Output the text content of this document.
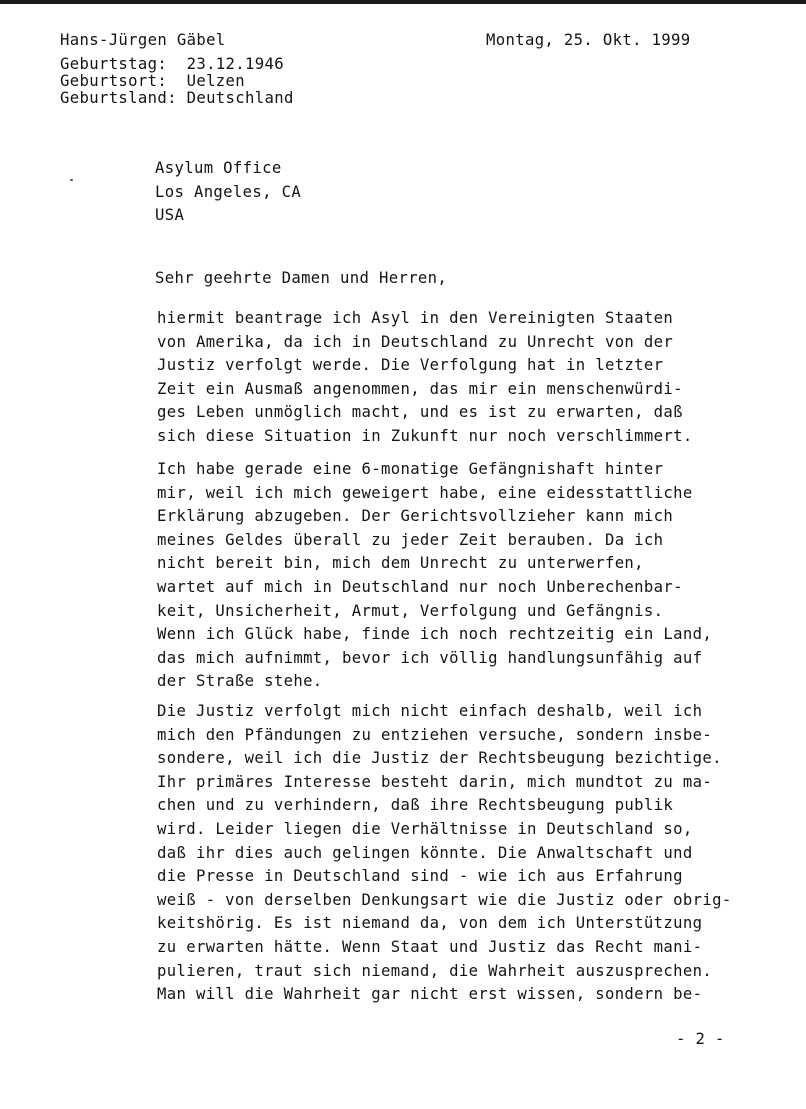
Hans-Jürgen Gäbel
Geburtstag:  23.12.1946
Geburtsort:  Uelzen
Geburtsland: Deutschland
Montag, 25. Okt. 1999
Asylum Office
Los Angeles, CA
USA
Sehr geehrte Damen und Herren,
hiermit beantrage ich Asyl in den Vereinigten Staaten
von Amerika, da ich in Deutschland zu Unrecht von der
Justiz verfolgt werde. Die Verfolgung hat in letzter
Zeit ein Ausmaß angenommen, das mir ein menschenwürdi-
ges Leben unmöglich macht, und es ist zu erwarten, daß
sich diese Situation in Zukunft nur noch verschlimmert.
Ich habe gerade eine 6-monatige Gefängnishaft hinter
mir, weil ich mich geweigert habe, eine eidesstattliche
Erklärung abzugeben. Der Gerichtsvollzieher kann mich
meines Geldes überall zu jeder Zeit berauben. Da ich
nicht bereit bin, mich dem Unrecht zu unterwerfen,
wartet auf mich in Deutschland nur noch Unberechenbar-
keit, Unsicherheit, Armut, Verfolgung und Gefängnis.
Wenn ich Glück habe, finde ich noch rechtzeitig ein Land,
das mich aufnimmt, bevor ich völlig handlungsunfähig auf
der Straße stehe.
Die Justiz verfolgt mich nicht einfach deshalb, weil ich
mich den Pfändungen zu entziehen versuche, sondern insbe-
sondere, weil ich die Justiz der Rechtsbeugung bezichtige.
Ihr primäres Interesse besteht darin, mich mundtot zu ma-
chen und zu verhindern, daß ihre Rechtsbeugung publik
wird. Leider liegen die Verhältnisse in Deutschland so,
daß ihr dies auch gelingen könnte. Die Anwaltschaft und
die Presse in Deutschland sind - wie ich aus Erfahrung
weiß - von derselben Denkungsart wie die Justiz oder obrig-
keitshörig. Es ist niemand da, von dem ich Unterstützung
zu erwarten hätte. Wenn Staat und Justiz das Recht mani-
pulieren, traut sich niemand, die Wahrheit auszusprechen.
Man will die Wahrheit gar nicht erst wissen, sondern be-
- 2 -
